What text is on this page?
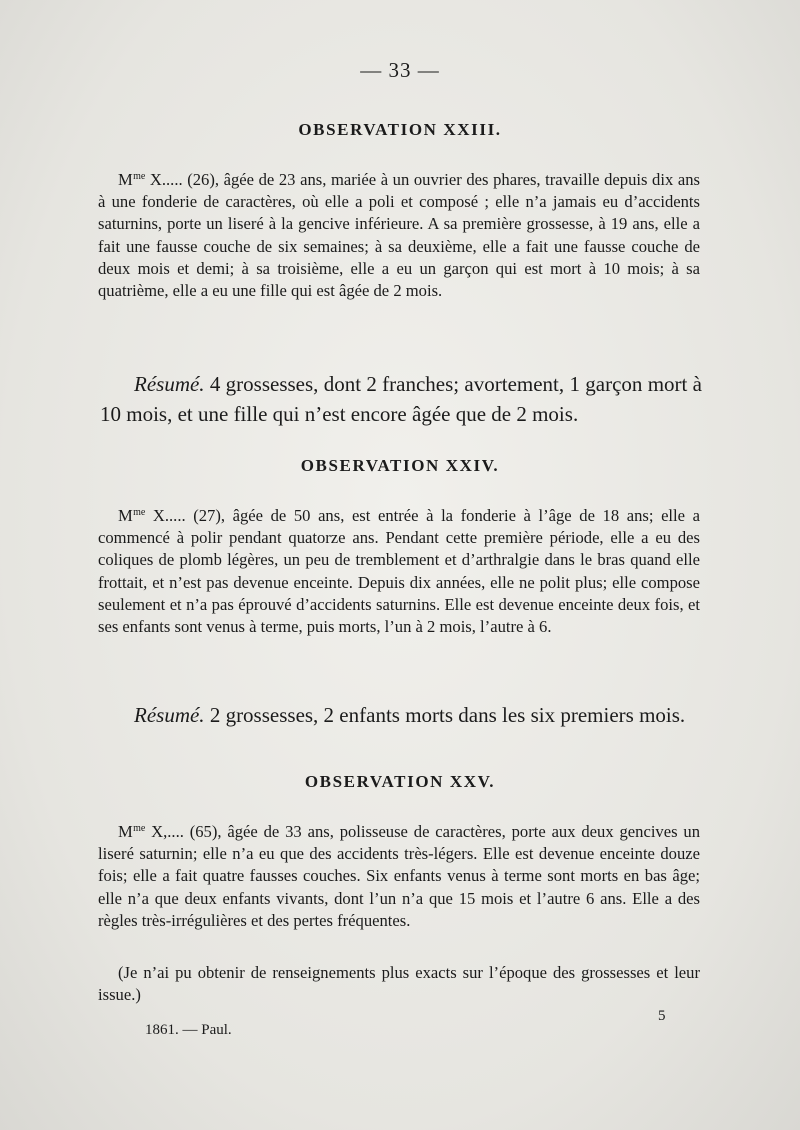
— 33 —
OBSERVATION XXIII.
$M^{me}$ X..... (26), âgée de 23 ans, mariée à un ouvrier des phares, travaille depuis dix ans à une fonderie de caractères, où elle a poli et composé ; elle n’a jamais eu d’accidents saturnins, porte un liseré à la gencive inférieure. A sa première grossesse, à 19 ans, elle a fait une fausse couche de six semaines; à sa deuxième, elle a fait une fausse couche de deux mois et demi; à sa troisième, elle a eu un garçon qui est mort à 10 mois; à sa quatrième, elle a eu une fille qui est âgée de 2 mois.
Résumé. 4 grossesses, dont 2 franches; avortement, 1 garçon mort à 10 mois, et une fille qui n’est encore âgée que de 2 mois.
OBSERVATION XXIV.
$M^{me}$ X..... (27), âgée de 50 ans, est entrée à la fonderie à l’âge de 18 ans; elle a commencé à polir pendant quatorze ans. Pendant cette première période, elle a eu des coliques de plomb légères, un peu de tremblement et d’arthralgie dans le bras quand elle frottait, et n’est pas devenue enceinte. Depuis dix années, elle ne polit plus; elle compose seulement et n’a pas éprouvé d’accidents saturnins. Elle est devenue enceinte deux fois, et ses enfants sont venus à terme, puis morts, l’un à 2 mois, l’autre à 6.
Résumé. 2 grossesses, 2 enfants morts dans les six premiers mois.
OBSERVATION XXV.
$M^{me}$ X,.... (65), âgée de 33 ans, polisseuse de caractères, porte aux deux gencives un liseré saturnin; elle n’a eu que des accidents très-légers. Elle est devenue enceinte douze fois; elle a fait quatre fausses couches. Six enfants venus à terme sont morts en bas âge; elle n’a que deux enfants vivants, dont l’un n’a que 15 mois et l’autre 6 ans. Elle a des règles très-irrégulières et des pertes fréquentes.
(Je n’ai pu obtenir de renseignements plus exacts sur l’époque des grossesses et leur issue.)
1861. — Paul.
5
